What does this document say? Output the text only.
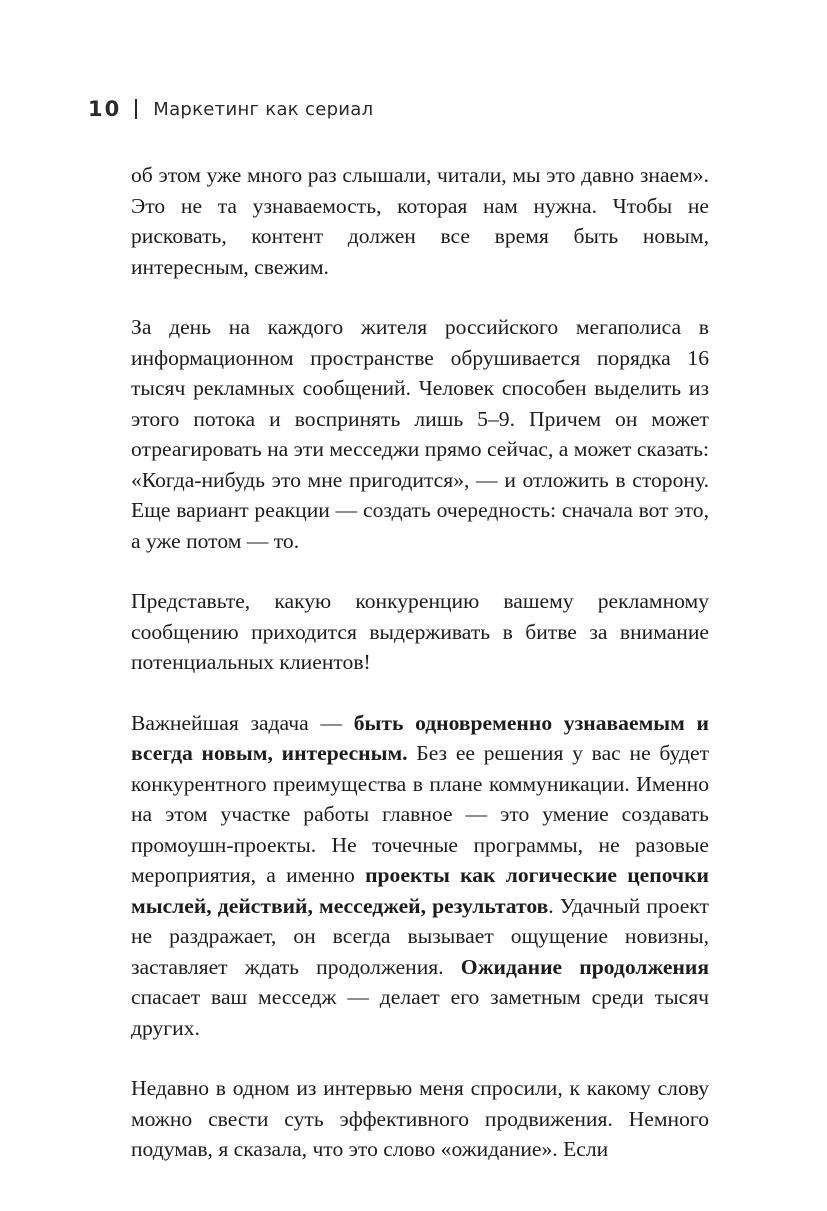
10 Маркетинг как сериал

об этом уже много раз слышали, читали, мы это давно знаем». Это не та узнаваемость, которая нам нужна. Чтобы не рисковать, контент должен все время быть новым, интересным, свежим.

За день на каждого жителя российского мегаполиса в информационном пространстве обрушивается порядка 16 тысяч рекламных сообщений. Человек способен выделить из этого потока и воспринять лишь 5–9. Причем он может отреагировать на эти месседжи прямо сейчас, а может сказать: «Когда-нибудь это мне пригодится», — и отложить в сторону. Еще вариант реакции — создать очередность: сначала вот это, а уже потом — то.

Представьте, какую конкуренцию вашему рекламному сообщению приходится выдерживать в битве за внимание потенциальных клиентов!

Важнейшая задача — быть одновременно узнаваемым и всегда новым, интересным. Без ее решения у вас не будет конкурентного преимущества в плане коммуникации. Именно на этом участке работы главное — это умение создавать промоушн-проекты. Не точечные программы, не разовые мероприятия, а именно проекты как логические цепочки мыслей, действий, месседжей, результатов. Удачный проект не раздражает, он всегда вызывает ощущение новизны, заставляет ждать продолжения. Ожидание продолжения спасает ваш месседж — делает его заметным среди тысяч других.

Недавно в одном из интервью меня спросили, к какому слову можно свести суть эффективного продвижения. Немного подумав, я сказала, что это слово «ожидание». Если
